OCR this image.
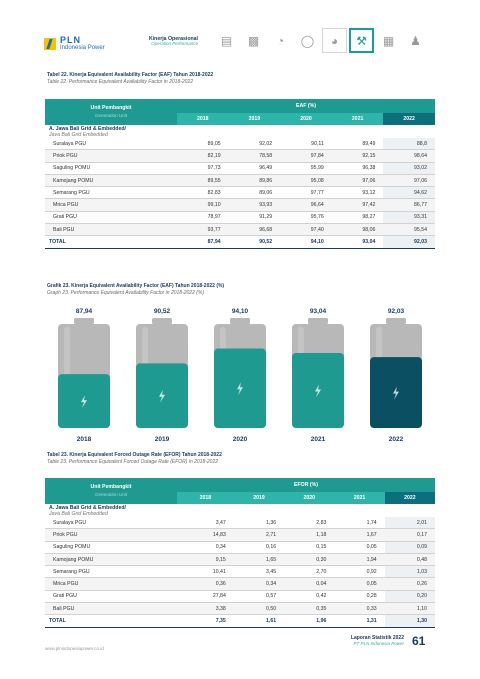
PLN
Indonesia Power
Kinerja Operasional
Operation Performance	▤	▩	◔	◯	◕	⚒	▦	♟
Tabel 22. Kinerja Equivalent Availability Factor (EAF) Tahun 2018-2022
Table 22. Performance Equivalent Availability Factor in 2018-2022
Unit Pembangkit
Generation Unit	EAF (%)				
	2018	2019	2020	2021	2022

A. Jawa Bali Grid & Embedded/
Java Bali Grid Embedded					

Suralaya PGU	89,05	92,02	90,11	89,49	88,8
Priok PGU	82,19	78,58	97,84	92,15	98,64
Saguling POMU	97,73	96,49	95,99	96,38	93,02
Kamojang POMU	89,55	89,86	95,08	97,06	97,06
Semarang PGU	82,83	89,06	97,77	93,12	94,62
Mrica PGU	99,10	93,93	96,64	97,42	86,77
Grati PGU	78,97	91,29	95,76	98,27	93,31
Bali PGU	93,77	96,68	97,40	98,06	95,54
TOTAL	87,94	90,52	94,10	93,04	92,03
Grafik 23. Kinerja Equivalent Availability Factor (EAF) Tahun 2018-2022 (%)
Graph 23. Performance Equivalent Availability Factor in 2018-2022 (%)
87,94
2018
90,52
2019
94,10
2020
93,04
2021
92,03
2022
Tabel 23. Kinerja Equivalent Forced Outage Rate (EFOR) Tahun 2018-2022
Table 23. Performance Equivalent Forced Outage Rate (EFOR) in 2018-2022
Unit Pembangkit
Generation Unit	EFOR (%)				
	2018	2019	2020	2021	2022

A. Jawa Bali Grid & Embedded/
Java Bali Grid Embedded					

Suralaya PGU	3,47	1,36	2,83	1,74	2,01
Priok PGU	14,83	2,71	1,18	1,67	0,17
Saguling POMU	0,34	0,16	0,15	0,05	0,09
Kamojang POMU	9,15	1,65	0,30	1,94	0,48
Semarang PGU	10,41	3,45	2,70	0,92	1,03
Mrica PGU	0,36	0,34	0,04	0,05	0,26
Grati PGU	27,84	0,57	0,42	0,28	0,20
Bali PGU	3,38	0,50	0,35	0,33	1,10
TOTAL	7,35	1,61	1,96	1,31	1,30
www.plnindonesiapower.co.id
Laporan Statistik 2022
PT PLN Indonesia Power 61
